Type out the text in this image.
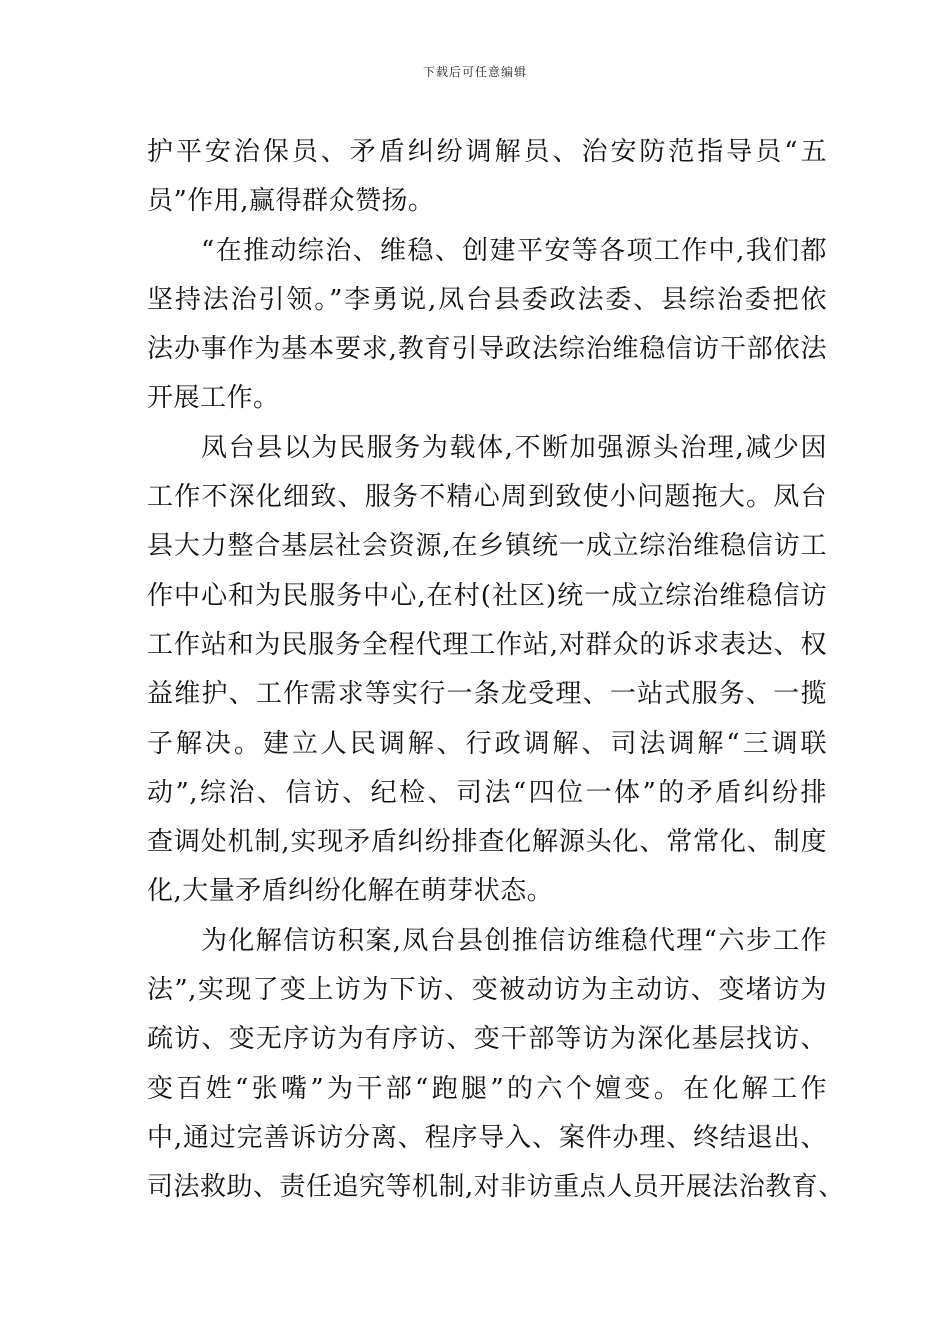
下载后可任意编辑
护平安治保员、矛盾纠纷调解员、治安防范指导员“五
员”作用,赢得群众赞扬。
“在推动综治、维稳、创建平安等各项工作中,我们都
坚持法治引领。”李勇说,凤台县委政法委、县综治委把依
法办事作为基本要求,教育引导政法综治维稳信访干部依法
开展工作。
凤台县以为民服务为载体,不断加强源头治理,减少因
工作不深化细致、服务不精心周到致使小问题拖大。凤台
县大力整合基层社会资源,在乡镇统一成立综治维稳信访工
作中心和为民服务中心,在村(社区)统一成立综治维稳信访
工作站和为民服务全程代理工作站,对群众的诉求表达、权
益维护、工作需求等实行一条龙受理、一站式服务、一揽
子解决。建立人民调解、行政调解、司法调解“三调联
动”,综治、信访、纪检、司法“四位一体”的矛盾纠纷排
查调处机制,实现矛盾纠纷排查化解源头化、常常化、制度
化,大量矛盾纠纷化解在萌芽状态。
为化解信访积案,凤台县创推信访维稳代理“六步工作
法”,实现了变上访为下访、变被动访为主动访、变堵访为
疏访、变无序访为有序访、变干部等访为深化基层找访、
变百姓“张嘴”为干部“跑腿”的六个嬗变。在化解工作
中,通过完善诉访分离、程序导入、案件办理、终结退出、
司法救助、责任追究等机制,对非访重点人员开展法治教育、
